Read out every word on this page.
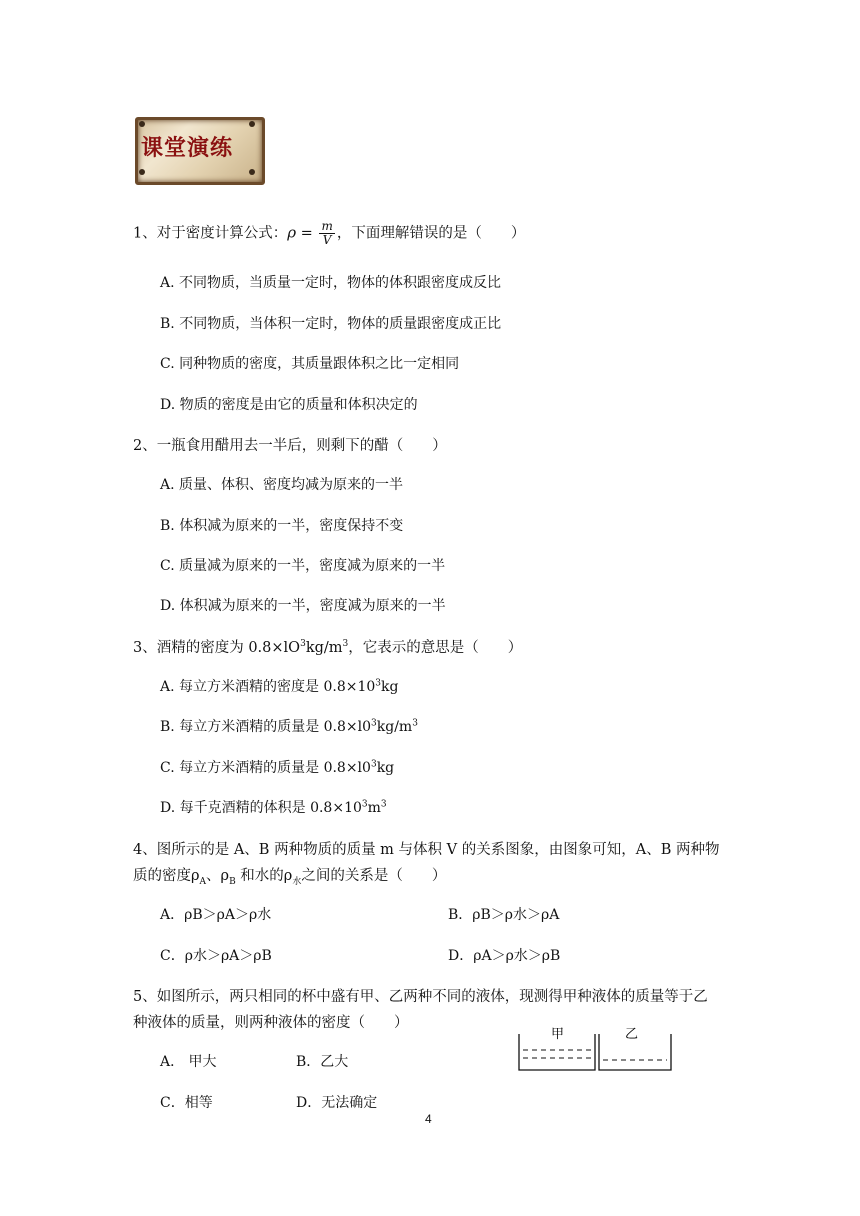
课堂演练
1、对于密度计算公式：$\rho = \frac{m}{V}$ ，下面理解错误的是（　　）
A. 不同物质，当质量一定时，物体的体积跟密度成反比
B. 不同物质，当体积一定时，物体的质量跟密度成正比
C. 同种物质的密度，其质量跟体积之比一定相同
D. 物质的密度是由它的质量和体积决定的
2、一瓶食用醋用去一半后，则剩下的醋（　　）
A. 质量、体积、密度均减为原来的一半
B. 体积减为原来的一半，密度保持不变
C. 质量减为原来的一半，密度减为原来的一半
D. 体积减为原来的一半，密度减为原来的一半
3、酒精的密度为 $0.8\times lO^3kg/m^3$，它表示的意思是（　　）
A. 每立方米酒精的密度是 $0.8\times 10^3kg$
B. 每立方米酒精的质量是 $0.8\times l0^3kg/m^3$
C. 每立方米酒精的质量是 $0.8\times l0^3kg$
D. 每千克酒精的体积是 $0.8\times 10^3m^3$
4、图所示的是 A、B 两种物质的质量 m 与体积 V 的关系图象，由图象可知，A、B 两种物
质的密度$\rho_A$、$\rho_B$ 和水的$\rho_水$之间的关系是（　　）
A．ρB＞ρA＞ρ水	B．ρB＞ρ水＞ρA
C．ρ水＞ρA＞ρB	D．ρA＞ρ水＞ρB
5、如图所示，两只相同的杯中盛有甲、乙两种不同的液体，现测得甲种液体的质量等于乙
种液体的质量，则两种液体的密度（　　）
A． 甲大	B．乙大
C．相等	D．无法确定
甲	乙
4
